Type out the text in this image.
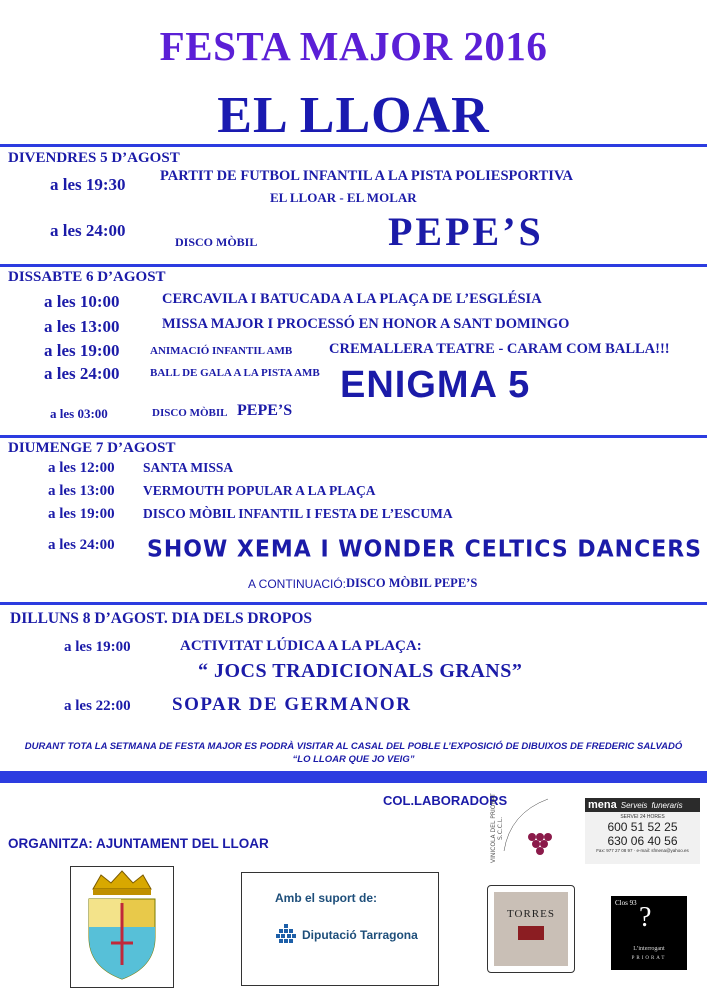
FESTA MAJOR 2016
EL LLOAR
DIVENDRES 5 D’AGOST
a les 19:30 PARTIT DE FUTBOL INFANTIL A LA PISTA POLIESPORTIVA
EL LLOAR - EL MOLAR
a les 24:00
DISCO MÒBIL	PEPE’S
DISSABTE 6 D’AGOST
a les 10:00	CERCAVILA I BATUCADA A LA PLAÇA DE L’ESGLÉSIA
a les 13:00	MISSA MAJOR I PROCESSÓ EN HONOR A SANT DOMINGO
a les 19:00	ANIMACIÓ INFANTIL AMB	CREMALLERA TEATRE - CARAM COM BALLA!!!
a les 24:00	BALL DE GALA A LA PISTA AMB ENIGMA 5
a les 03:00	DISCO MÒBIL PEPE’S
DIUMENGE 7 D’AGOST
a les 12:00 SANTA MISSA
a les 13:00 VERMOUTH POPULAR A LA PLAÇA
a les 19:00 DISCO MÒBIL INFANTIL I FESTA DE L’ESCUMA
a les 24:00 SHOW XEMA I WONDER CELTICS DANCERS
A CONTINUACIÓ: DISCO MÒBIL PEPE’S
DILLUNS 8 D’AGOST. DIA DELS DROPOS
a les 19:00	ACTIVITAT LÚDICA A LA PLAÇA:
“ JOCS TRADICIONALS GRANS”
a les 22:00 SOPAR DE GERMANOR
DURANT TOTA LA SETMANA DE FESTA MAJOR ES PODRÀ VISITAR AL CASAL DEL POBLE L’EXPOSICIÓ DE DIBUIXOS DE FREDERIC SALVADÓ
“LO LLOAR QUE JO VEIG”
COL.LABORADORS
ORGANITZA: AJUNTAMENT DEL LLOAR	VINICOLA DEL PRIORAT S.C.C.L.
mena Serveis funeraris
SERVEI 24 HORES
600 51 52 25
630 06 40 56
Fax: 977 27 08 97 · e-mail: sfmena@yahoo.es
Amb el suport de:
Diputació Tarragona
TORRES
Clos 93 ?
L’interrogant
PRIORAT
